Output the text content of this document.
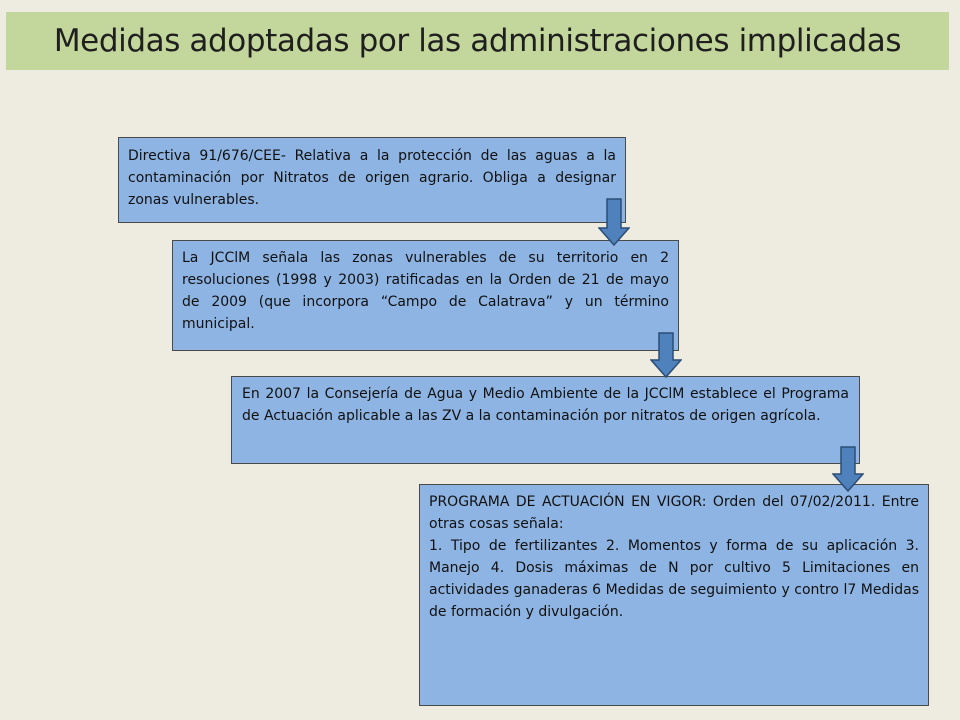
Medidas adoptadas por las administraciones implicadas

Directiva 91/676/CEE- Relativa a la protección de las aguas a la contaminación por Nitratos de origen agrario. Obliga a designar zonas vulnerables.

La JCClM señala las zonas vulnerables de su territorio en 2 resoluciones (1998 y 2003) ratificadas en la Orden de 21 de mayo de 2009 (que incorpora “Campo de Calatrava” y un término municipal.

En 2007 la Consejería de Agua y Medio Ambiente de la JCClM establece el Programa de Actuación aplicable a las ZV a la contaminación por nitratos de origen agrícola.

PROGRAMA DE ACTUACIÓN EN VIGOR: Orden del 07/02/2011. Entre otras cosas señala:

1. Tipo de fertilizantes 2. Momentos y forma de su aplicación 3. Manejo 4. Dosis máximas de N por cultivo 5 Limitaciones en actividades ganaderas 6 Medidas de seguimiento y contro l7 Medidas de formación y divulgación.
